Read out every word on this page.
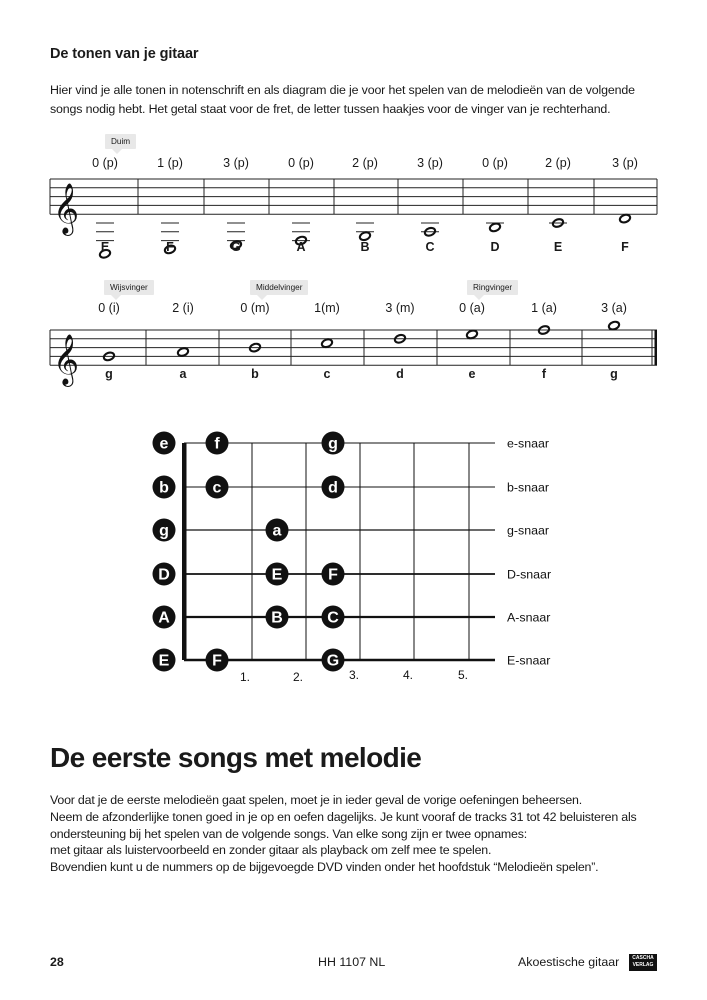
De tonen van je gitaar
Hier vind je alle tonen in notenschrift en als diagram die je voor het spelen van de melodieën van de volgende songs nodig hebt. Het getal staat voor de fret, de letter tussen haakjes voor de vinger van je rechterhand.
𝄞
𝄞
Duim
Wijsvinger	Middelvinger	Ringvinger
0 (p)	1 (p)	3 (p)	0 (p)	2 (p)	3 (p)	0 (p)	2 (p)	3 (p)
E	F	G	A	B	C	D	E	F
0 (i)	2 (i)	0 (m)	1(m)	3 (m)	0 (a)	1 (a)	3 (a)
g	a	b	c	d	e	f	g
e	f	g	e-snaar
b	c	d	b-snaar
g	a	g-snaar
D	E	F	D-snaar
A	B	C	A-snaar
E	F	G	E-snaar
1.	2.	3.	4.	5.
De eerste songs met melodie
Voor dat je de eerste melodieën gaat spelen, moet je in ieder geval de vorige oefeningen beheersen.
Neem de afzonderlijke tonen goed in je op en oefen dagelijks. Je kunt vooraf de tracks 31 tot 42 beluisteren als
ondersteuning bij het spelen van de volgende songs. Van elke song zijn er twee opnames:
met gitaar als luistervoorbeeld en zonder gitaar als playback om zelf mee te spelen.
Bovendien kunt u de nummers op de bijgevoegde DVD vinden onder het hoofdstuk “Melodieën spelen”.
28	HH 1107 NL	Akoestische gitaar	CASCHA
VERLAG
